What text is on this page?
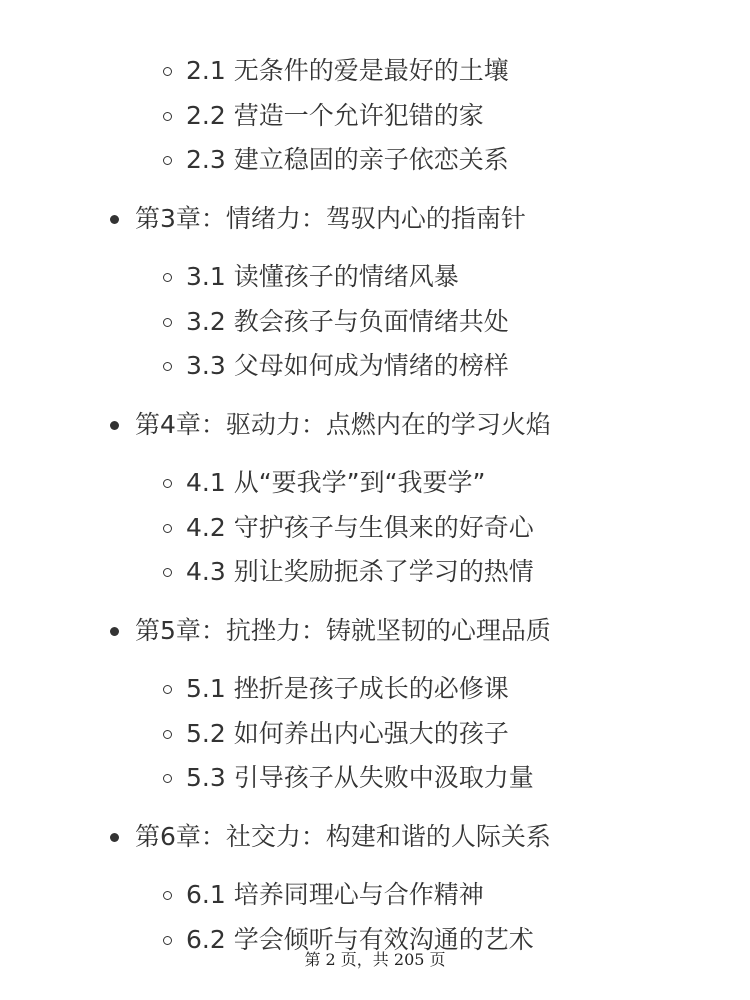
2.1 无条件的爱是最好的土壤
2.2 营造一个允许犯错的家
2.3 建立稳固的亲子依恋关系
第3章：情绪力：驾驭内心的指南针
3.1 读懂孩子的情绪风暴
3.2 教会孩子与负面情绪共处
3.3 父母如何成为情绪的榜样
第4章：驱动力：点燃内在的学习火焰
4.1 从“要我学”到“我要学”
4.2 守护孩子与生俱来的好奇心
4.3 别让奖励扼杀了学习的热情
第5章：抗挫力：铸就坚韧的心理品质
5.1 挫折是孩子成长的必修课
5.2 如何养出内心强大的孩子
5.3 引导孩子从失败中汲取力量
第6章：社交力：构建和谐的人际关系
6.1 培养同理心与合作精神
6.2 学会倾听与有效沟通的艺术
第 2 页，共 205 页
